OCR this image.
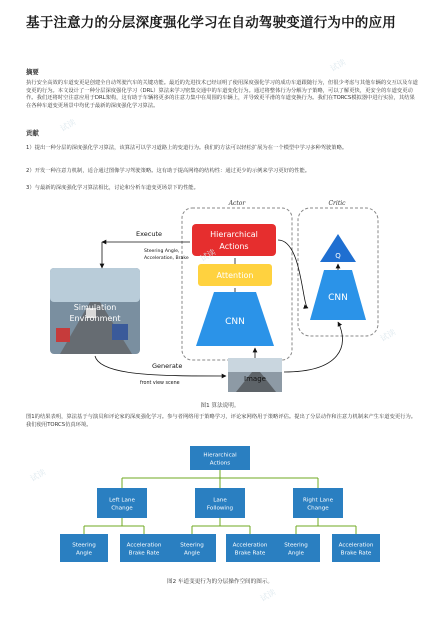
基于注意力的分层深度强化学习在自动驾驶变道行为中的应用
摘要
执行安全高效的车道变更是创建全自动驾驶汽车的关键功能。最近的先进技术已经证明了使用深度强化学习的成功车道跟随行为，但很少考虑与其他车辆的交互以及车道变更的行为。本文设计了一种分层深度强化学习（DRL）算法来学习密集交通中的车道变化行为。通过将整体行为分解为子策略，可以了解更快，更安全的车道变更动作。我们还将时空注意应用于DRL架构，这有助于车辆将更多的注意力集中在周围的车辆上，并导致更平滑的车道变换行为。我们在TORCS模拟器中进行实验，其结果在各种车道变更场景中均优于最新的深度强化学习算法。
贡献
1）提出一种分层的深度强化学习算法，该算法可以学习道路上的变道行为。我们的方法可以轻松扩展为在一个模型中学习多种驾驶策略。
2）开发一种注意力机制，适合通过图像学习驾驶策略。这有助于提高网络的结构性：通过更少的示例来学习更好的性能。
3）与最新的深度强化学习算法相比，讨论和分析车道变更场景下的性能。
Actor	Critic
Hierarchical
Actions
Attention
CNN
Q
CNN
Simulation
Environment
Image
Execute
Steering Angle,
Acceleration, Brake
Generate
front view scene
图1 算法说明。
图1的结果表明，算法基于与演员和评论家的深度强化学习。参与者网络用于策略学习，评论家网络用于策略评估。提出了分层动作和注意力机制来产生车道变更行为。我们使用TORCS仿真环境。
Hierarchical
Actions
Left Lane
Change
Lane
Following
Right Lane
Change
Steering
Angle
Acceleration
Brake Rate
Steering
Angle
Acceleration
Brake Rate
Steering
Angle
Acceleration
Brake Rate
图2 车道变更行为的分层操作空间的图示。
试读
试读
试读
试读
试读
试读
